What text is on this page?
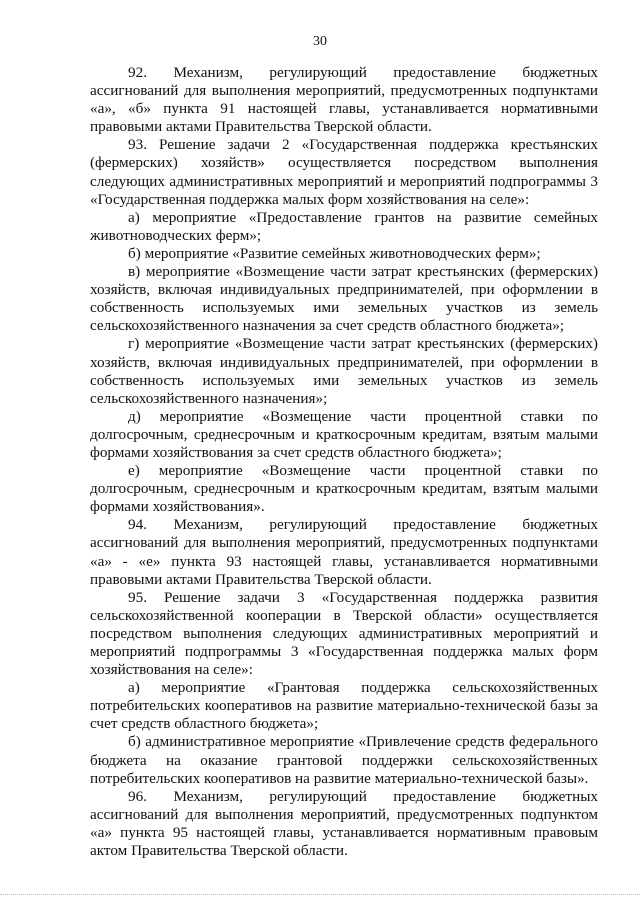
30

92. Механизм, регулирующий предоставление бюджетных ассигнований для выполнения мероприятий, предусмотренных подпунктами «а», «б» пункта 91 настоящей главы, устанавливается нормативными правовыми актами Правительства Тверской области.

93. Решение задачи 2 «Государственная поддержка крестьянских (фермерских) хозяйств» осуществляется посредством выполнения следующих административных мероприятий и мероприятий подпрограммы 3 «Государственная поддержка малых форм хозяйствования на селе»:

а) мероприятие «Предоставление грантов на развитие семейных животноводческих ферм»;

б) мероприятие «Развитие семейных животноводческих ферм»;

в) мероприятие «Возмещение части затрат крестьянских (фермерских) хозяйств, включая индивидуальных предпринимателей, при оформлении в собственность используемых ими земельных участков из земель сельскохозяйственного назначения за счет средств областного бюджета»;

г) мероприятие «Возмещение части затрат крестьянских (фермерских) хозяйств, включая индивидуальных предпринимателей, при оформлении в собственность используемых ими земельных участков из земель сельскохозяйственного назначения»;

д) мероприятие «Возмещение части процентной ставки по долгосрочным, среднесрочным и краткосрочным кредитам, взятым малыми формами хозяйствования за счет средств областного бюджета»;

е) мероприятие «Возмещение части процентной ставки по долгосрочным, среднесрочным и краткосрочным кредитам, взятым малыми формами хозяйствования».

94. Механизм, регулирующий предоставление бюджетных ассигнований для выполнения мероприятий, предусмотренных подпунктами «а» - «е» пункта 93 настоящей главы, устанавливается нормативными правовыми актами Правительства Тверской области.

95. Решение задачи 3 «Государственная поддержка развития сельскохозяйственной кооперации в Тверской области» осуществляется посредством выполнения следующих административных мероприятий и мероприятий подпрограммы 3 «Государственная поддержка малых форм хозяйствования на селе»:

а) мероприятие «Грантовая поддержка сельскохозяйственных потребительских кооперативов на развитие материально-технической базы за счет средств областного бюджета»;

б) административное мероприятие «Привлечение средств федерального бюджета на оказание грантовой поддержки сельскохозяйственных потребительских кооперативов на развитие материально-технической базы».

96. Механизм, регулирующий предоставление бюджетных ассигнований для выполнения мероприятий, предусмотренных подпунктом «а» пункта 95 настоящей главы, устанавливается нормативным правовым актом Правительства Тверской области.
